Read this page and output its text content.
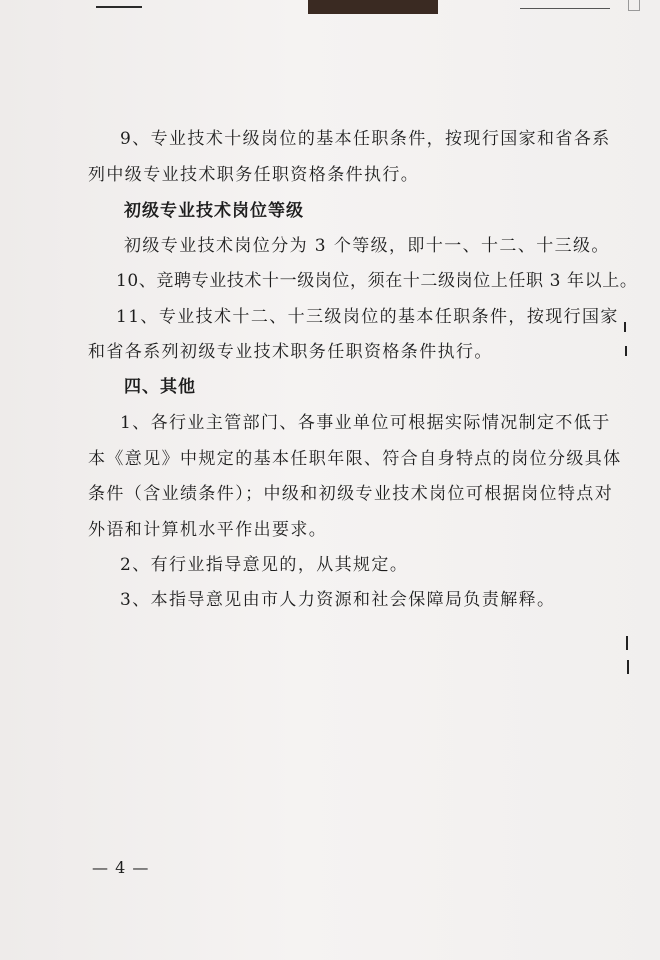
9、专业技术十级岗位的基本任职条件，按现行国家和省各系
列中级专业技术职务任职资格条件执行。
初级专业技术岗位等级
初级专业技术岗位分为 3 个等级，即十一、十二、十三级。
10、竞聘专业技术十一级岗位，须在十二级岗位上任职 3 年以上。
11、专业技术十二、十三级岗位的基本任职条件，按现行国家
和省各系列初级专业技术职务任职资格条件执行。
四、其他
1、各行业主管部门、各事业单位可根据实际情况制定不低于
本《意见》中规定的基本任职年限、符合自身特点的岗位分级具体
条件（含业绩条件）；中级和初级专业技术岗位可根据岗位特点对
外语和计算机水平作出要求。
2、有行业指导意见的，从其规定。
3、本指导意见由市人力资源和社会保障局负责解释。
— 4 —
